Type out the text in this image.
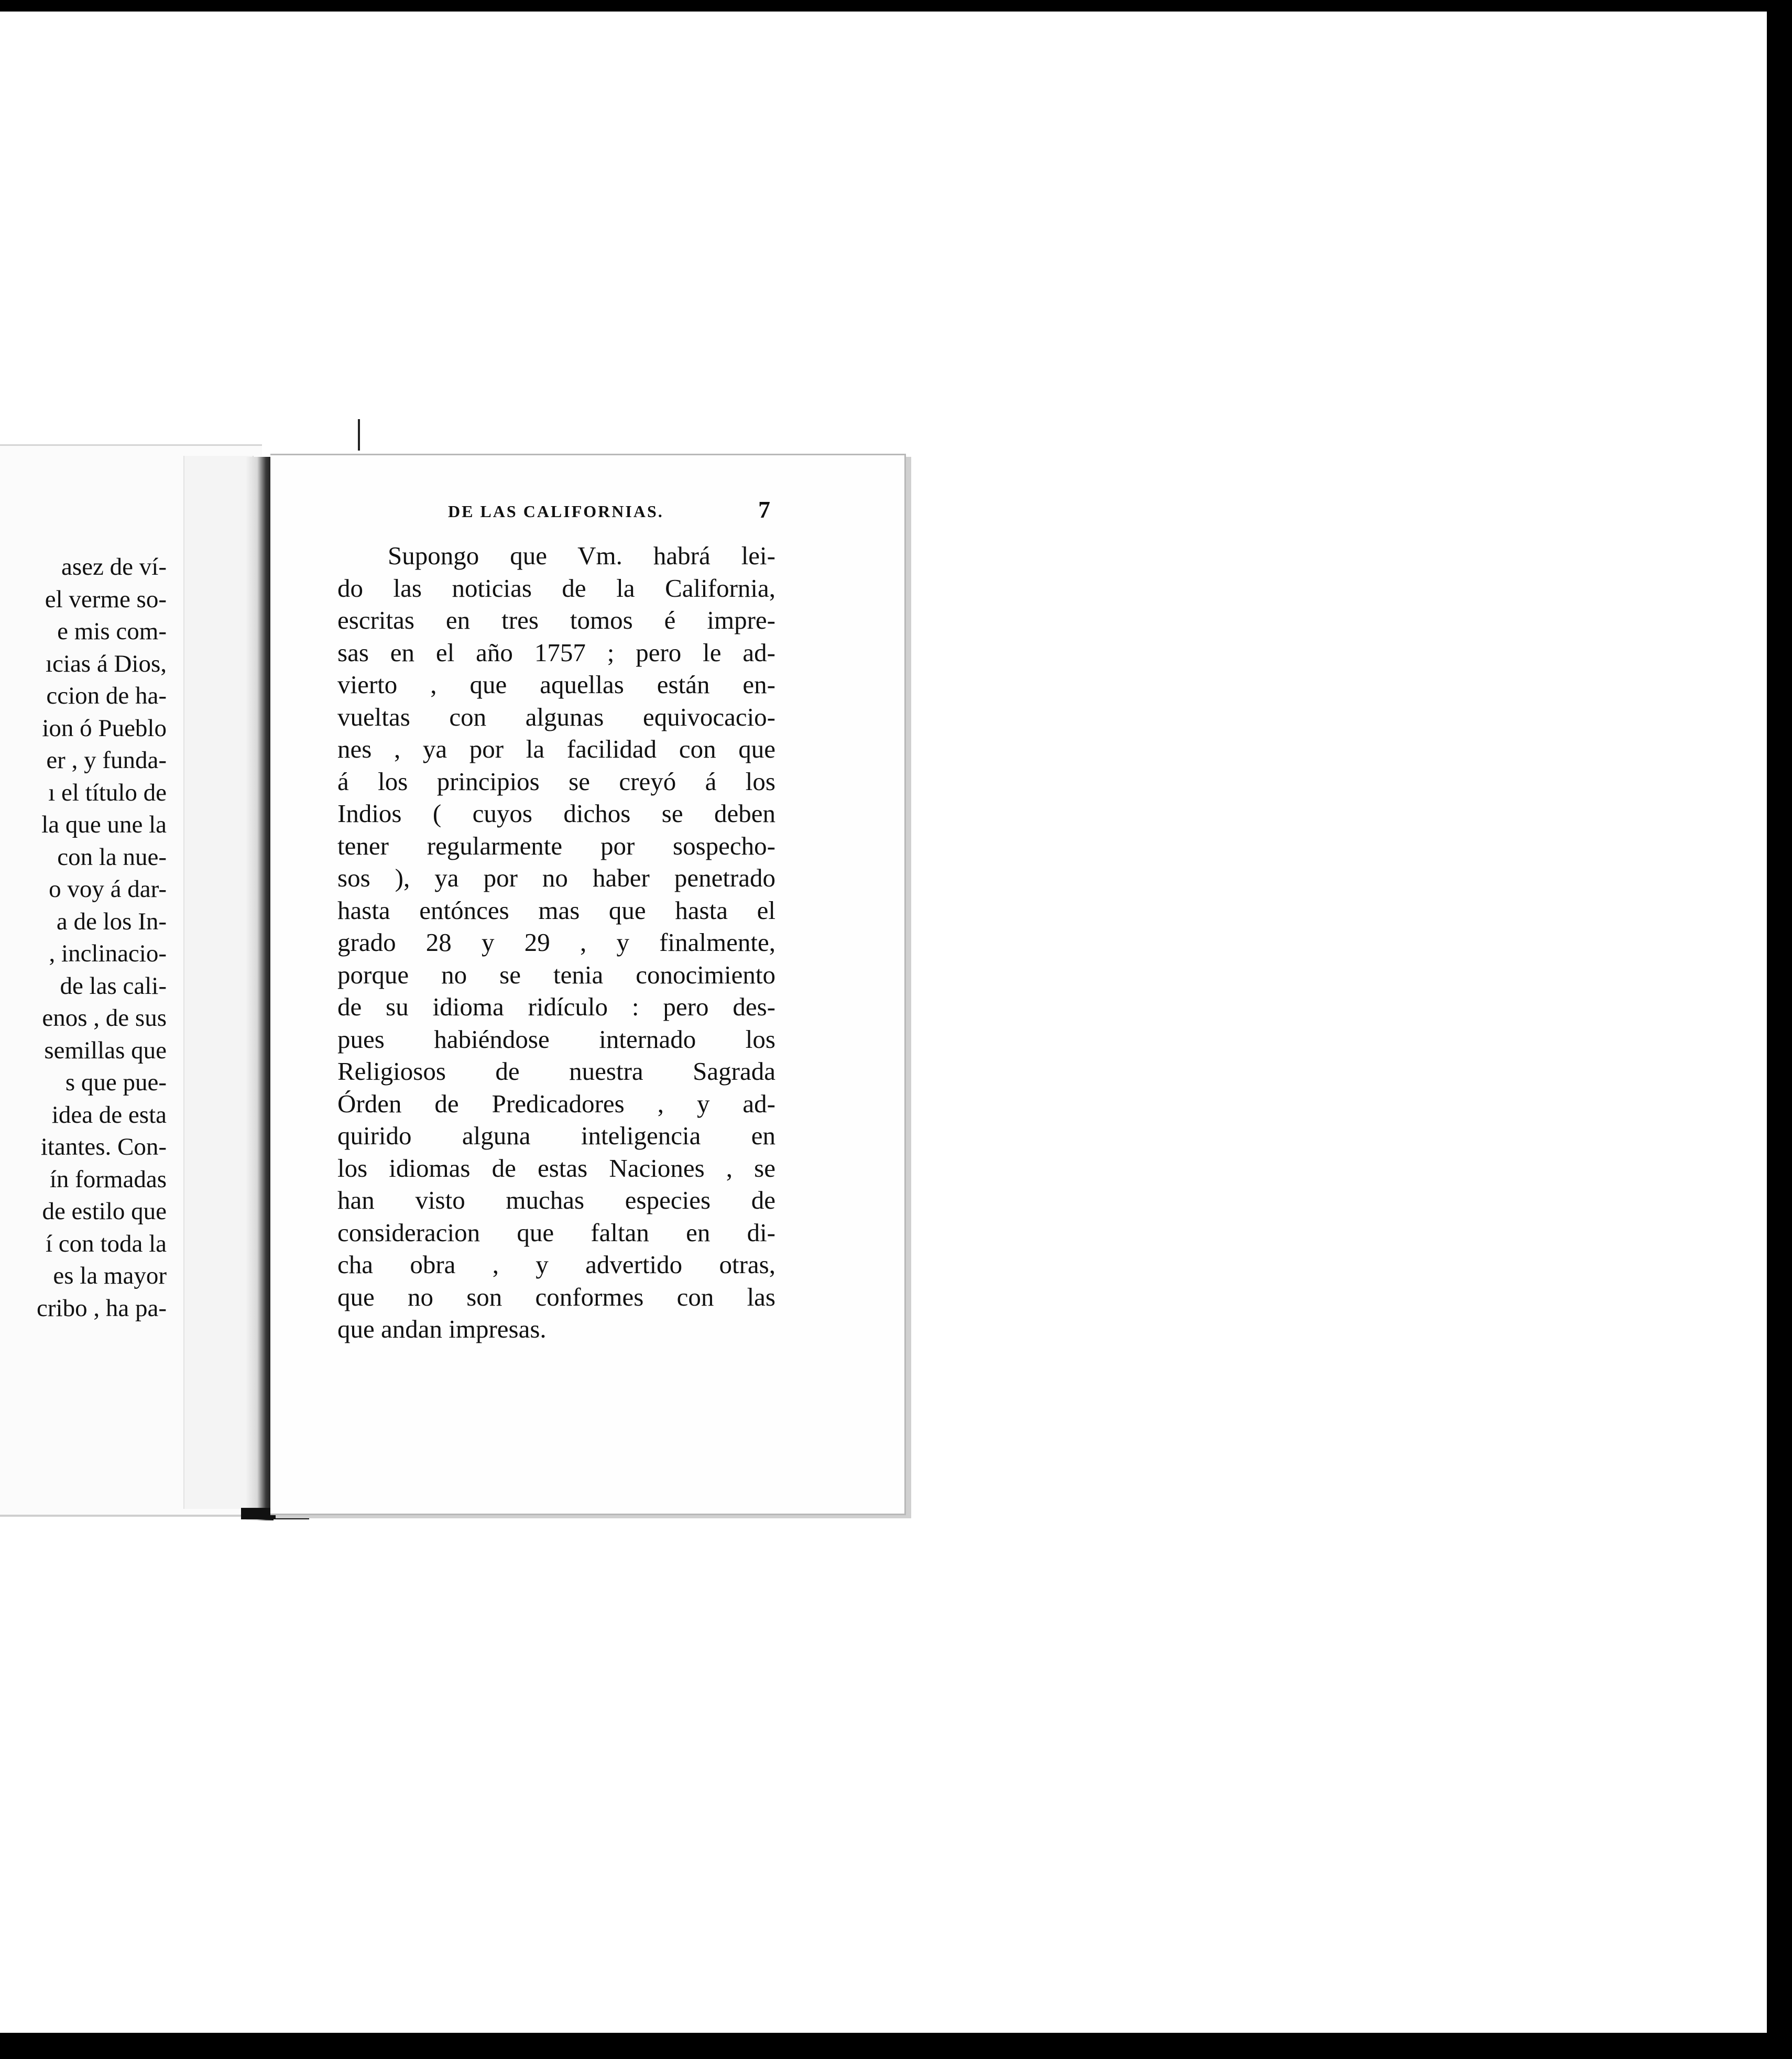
asez de ví-
el verme so-
e mis com-
ıcias á Dios,
ccion de ha-
ion ó Pueblo
er , y funda-
ı el título de
la que une la
con la nue-
o voy á dar-
a de los In-
, inclinacio-
de las cali-
enos , de sus
semillas que
s que pue-
idea de esta
itantes. Con-
ín formadas
de estilo que
í con toda la
es la mayor
cribo , ha pa-
DE LAS CALIFORNIAS.	7
Supongo que Vm. habrá lei-
do las noticias de la California,
escritas en tres tomos é impre-
sas en el año 1757 ; pero le ad-
vierto , que aquellas están en-
vueltas con algunas equivocacio-
nes , ya por la facilidad con que
á los principios se creyó á los
Indios ( cuyos dichos se deben
tener regularmente por sospecho-
sos ), ya por no haber penetrado
hasta entónces mas que hasta el
grado 28 y 29 , y finalmente,
porque no se tenia conocimiento
de su idioma ridículo : pero des-
pues habiéndose internado los
Religiosos de nuestra Sagrada
Órden de Predicadores , y ad-
quirido alguna inteligencia en
los idiomas de estas Naciones , se
han visto muchas especies de
consideracion que faltan en di-
cha obra , y advertido otras,
que no son conformes con las
que andan impresas.
